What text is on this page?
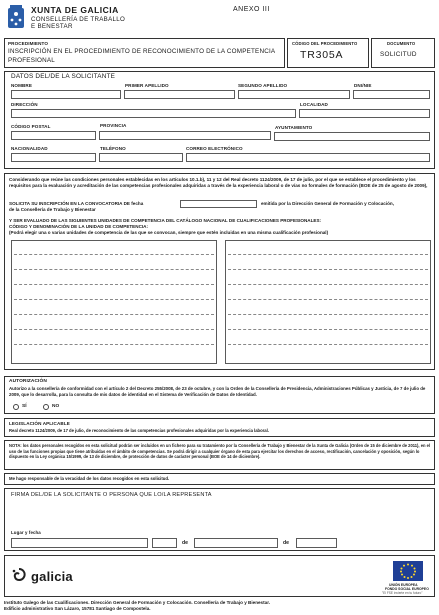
XUNTA DE GALICIA
CONSELLERÍA DE TRABALLO
E BENESTAR
ANEXO III
PROCEDIMIENTO
INSCRIPCIÓN EN EL PROCEDIMIENTO DE RECONOCIMIENTO DE LA COMPETENCIA
PROFESIONAL
CÓDIGO DEL PROCEDIMIENTO
TR305A
DOCUMENTO
SOLICITUD
DATOS DEL/DE LA SOLICITANTE
NOMBRE	PRIMER APELLIDO	SEGUNDO APELLIDO	DNI/NIE
DIRECCIÓN	LOCALIDAD
CÓDIGO POSTAL	PROVINCIA	AYUNTAMIENTO
NACIONALIDAD	TELÉFONO	CORREO ELECTRÓNICO
Considerando que reúne las condiciones personales establecidas en los artículos 10.1.b), 11 y 12 del Real decreto 1124/2009, de 17 de julio, por el que se establece el procedimiento y los requisitos para la evaluación y acreditación de las competencias profesionales adquiridas a través de la experiencia laboral o de vías no formales de formación (BOE de 25 de agosto de 2009),
SOLICITA SU INSCRIPCIÓN EN LA CONVOCATORIA DE fecha	emitida por la Dirección General de Formación y Colocación,
de la Consellería de Trabajo y Bienestar
Y SER EVALUADO DE LAS SIGUIENTES UNIDADES DE COMPETENCIA DEL CATÁLOGO NACIONAL DE CUALIFICACIONES PROFESIONALES:
CÓDIGO Y DENOMINACIÓN DE LA UNIDAD DE COMPETENCIA:
(Podrá elegir una o varias unidades de competencia de las que se convocan, siempre que estén incluidas en una misma cualificación profesional)
AUTORIZACIÓN
Autorizo a la consellería de conformidad con el artículo 2 del Decreto 255/2008, de 23 de octubre, y con la Orden de la Consellería de Presidencia, Administraciones Públicas y Justicia, de 7 de julio de 2009, que lo desarrolla, para la consulta de mis datos de identidad en el Sistema de Verificación de Datos de Identidad.
SÍ	NO
LEGISLACIÓN APLICABLE
Real decreto 1124/2009, de 17 de julio, de reconocimiento de las competencias profesionales adquiridas por la experiencia laboral.
NOTA: los datos personales recogidos en esta solicitud podrán ser incluidos en un fichero para su tratamiento por la Consellería de Trabajo y Bienestar de la Xunta de Galicia (Orden de 15 de diciembre de 2011), en el uso de las funciones propias que tiene atribuidas en el ámbito de competencias. Se podrá dirigir a cualquier órgano de esta para ejercitar los derechos de acceso, rectificación, cancelación y oposición, según lo dispuesto en la Ley orgánica 15/1999, de 13 de diciembre, de protección de datos de carácter personal (BOE de 14 de diciembre).
Me hago responsable de la veracidad de los datos recogidos en esta solicitud.
FIRMA DEL/DE LA SOLICITANTE O PERSONA QUE LO/LA REPRESENTA
Lugar y fecha
de	de
galicia
UNIÓN EUROPEA
FONDO SOCIAL EUROPEO
"El FSE invierte en tu futuro"
Instituto Galego de las Cualificaciones. Dirección General de Formación y Colocación. Consellería de Trabajo y Bienestar.
Edificio administrativo San Lázaro, 15781 Santiago de Compostela.
